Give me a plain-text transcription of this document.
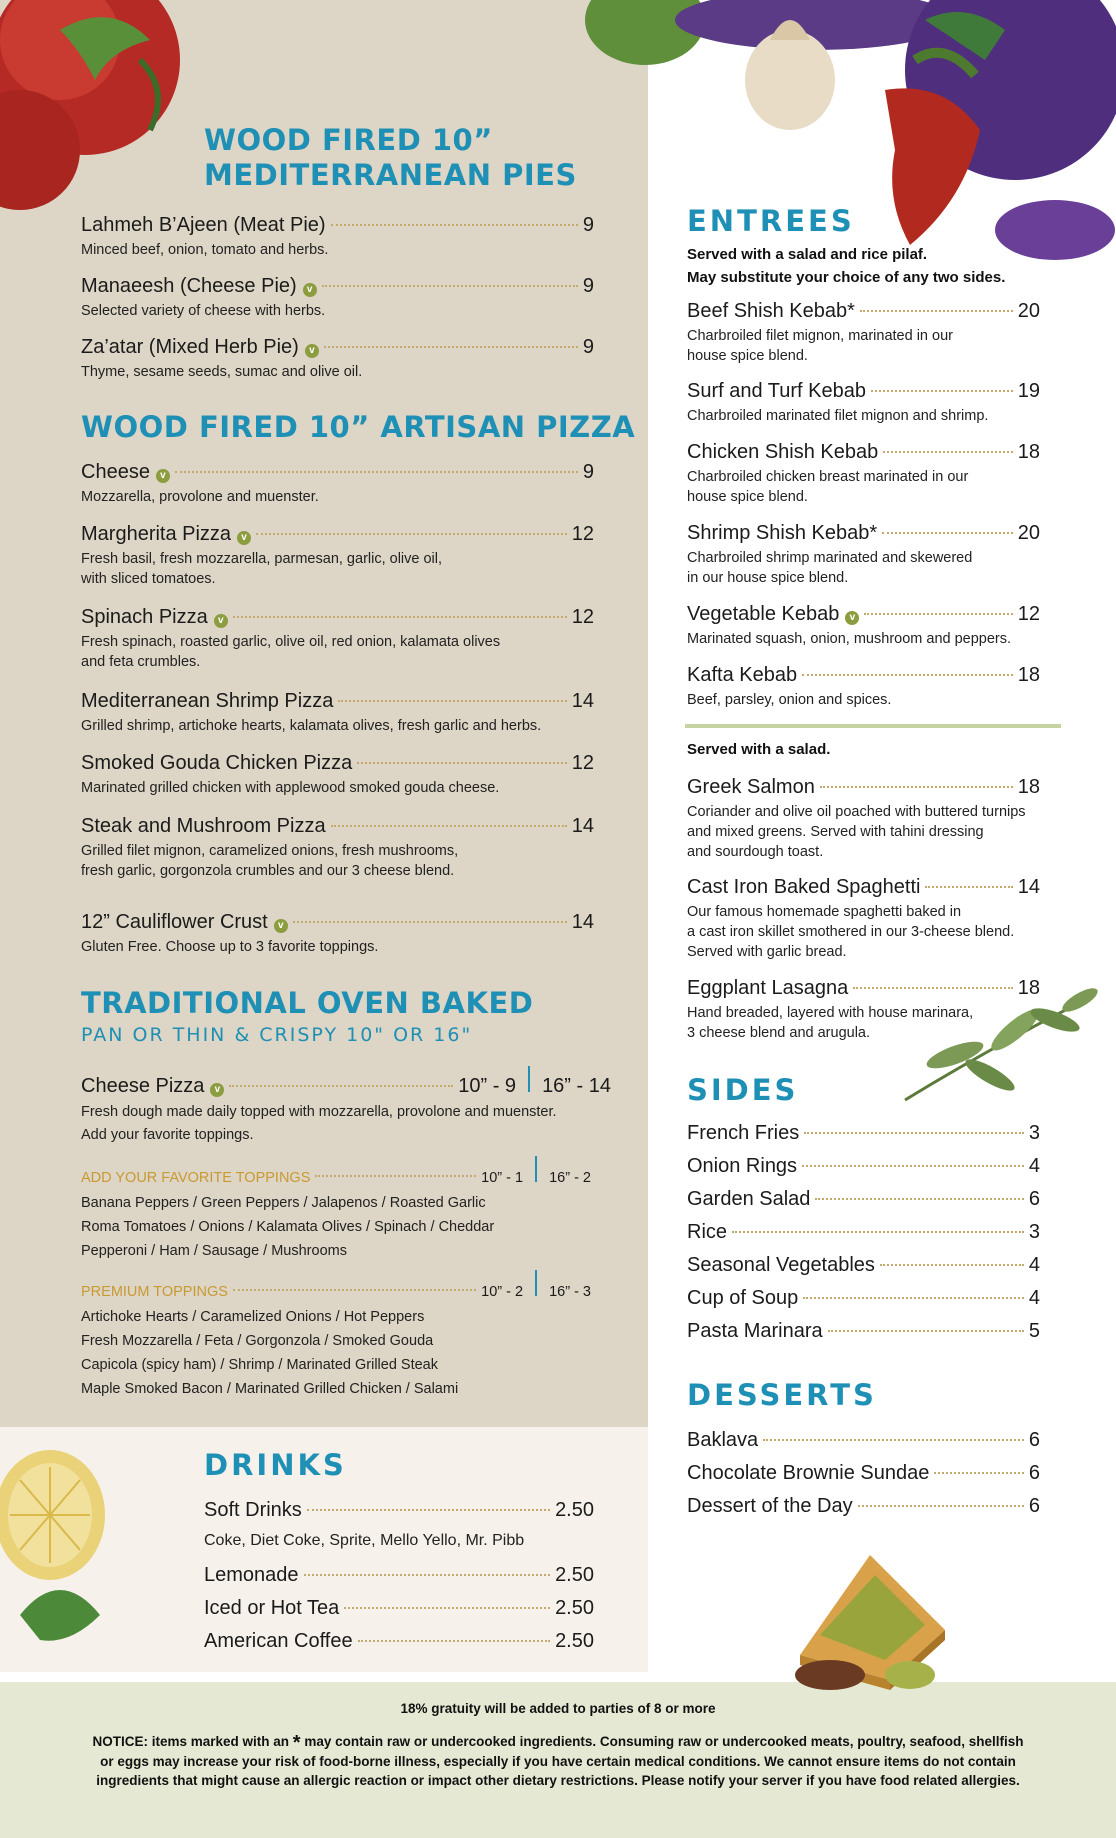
WOOD FIRED 10”
MEDITERRANEAN PIES
Lahmeh B’Ajeen (Meat Pie)	9
Minced beef, onion, tomato and herbs.
Manaeesh (Cheese Pie)	v	9
Selected variety of cheese with herbs.
Za’atar (Mixed Herb Pie)	v	9
Thyme, sesame seeds, sumac and olive oil.
WOOD FIRED 10” ARTISAN PIZZA
Cheese	v	9
Mozzarella, provolone and muenster.
Margherita Pizza	v	12
Fresh basil, fresh mozzarella, parmesan, garlic, olive oil,
with sliced tomatoes.
Spinach Pizza	v	12
Fresh spinach, roasted garlic, olive oil, red onion, kalamata olives
and feta crumbles.
Mediterranean Shrimp Pizza	14
Grilled shrimp, artichoke hearts, kalamata olives, fresh garlic and herbs.
Smoked Gouda Chicken Pizza	12
Marinated grilled chicken with applewood smoked gouda cheese.
Steak and Mushroom Pizza	14
Grilled filet mignon, caramelized onions, fresh mushrooms,
fresh garlic, gorgonzola crumbles and our 3 cheese blend.
12” Cauliflower Crust	v	14
Gluten Free. Choose up to 3 favorite toppings.
TRADITIONAL OVEN BAKED
PAN OR THIN & CRISPY 10" OR 16"
Cheese Pizza	v	10” - 9 16” - 14
Fresh dough made daily topped with mozzarella, provolone and muenster.
Add your favorite toppings.
ADD YOUR FAVORITE TOPPINGS	10” - 1 16” - 2
Banana Peppers / Green Peppers / Jalapenos / Roasted Garlic
Roma Tomatoes / Onions / Kalamata Olives / Spinach / Cheddar
Pepperoni / Ham / Sausage / Mushrooms
PREMIUM TOPPINGS	10” - 2 16” - 3
Artichoke Hearts / Caramelized Onions / Hot Peppers
Fresh Mozzarella / Feta / Gorgonzola / Smoked Gouda
Capicola (spicy ham) / Shrimp / Marinated Grilled Steak
Maple Smoked Bacon / Marinated Grilled Chicken / Salami
DRINKS
Soft Drinks	2.50
Coke, Diet Coke, Sprite, Mello Yello, Mr. Pibb
Lemonade	2.50
Iced or Hot Tea	2.50
American Coffee	2.50
ENTREES
Served with a salad and rice pilaf.
May substitute your choice of any two sides.
Beef Shish Kebab*	20
Charbroiled filet mignon, marinated in our
house spice blend.
Surf and Turf Kebab	19
Charbroiled marinated filet mignon and shrimp.
Chicken Shish Kebab	18
Charbroiled chicken breast marinated in our
house spice blend.
Shrimp Shish Kebab*	20
Charbroiled shrimp marinated and skewered
in our house spice blend.
Vegetable Kebab	v	12
Marinated squash, onion, mushroom and peppers.
Kafta Kebab	18
Beef, parsley, onion and spices.
Served with a salad.
Greek Salmon	18
Coriander and olive oil poached with buttered turnips
and mixed greens. Served with tahini dressing
and sourdough toast.
Cast Iron Baked Spaghetti	14
Our famous homemade spaghetti baked in
a cast iron skillet smothered in our 3-cheese blend.
Served with garlic bread.
Eggplant Lasagna	18
Hand breaded, layered with house marinara,
3 cheese blend and arugula.
SIDES
French Fries	3
Onion Rings	4
Garden Salad	6
Rice	3
Seasonal Vegetables	4
Cup of Soup	4
Pasta Marinara	5
DESSERTS
Baklava	6
Chocolate Brownie Sundae	6
Dessert of the Day	6
18% gratuity will be added to parties of 8 or more
NOTICE: items marked with an * may contain raw or undercooked ingredients. Consuming raw or undercooked meats, poultry, seafood, shellfish
or eggs may increase your risk of food-borne illness, especially if you have certain medical conditions. We cannot ensure items do not contain
ingredients that might cause an allergic reaction or impact other dietary restrictions. Please notify your server if you have food related allergies.
